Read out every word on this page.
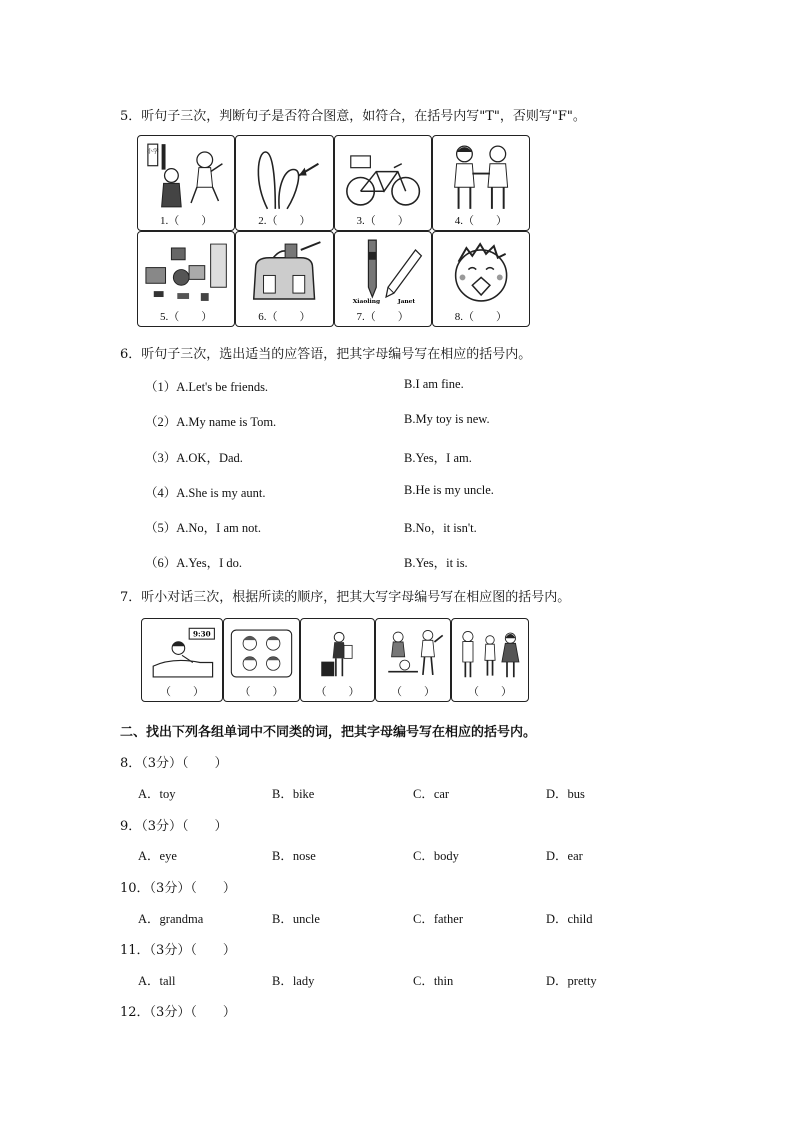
5．听句子三次，判断句子是否符合图意，如符合，在括号内写"T"，否则写"F"。
小学
1.（　　）	2.（　　）	3.（　　）	4.（　　）
5.（　　）	6.（　　）
Xiaoling	Janet
7.（　　）	8.（　　）
6．听句子三次，选出适当的应答语，把其字母编号写在相应的括号内。
（1）A.Let's be friends.	B.I am fine.
（2）A.My name is Tom.	B.My toy is new.
（3）A.OK，Dad.	B.Yes，I am.
（4）A.She is my aunt.	B.He is my uncle.
（5）A.No，I am not.	B.No，it isn't.
（6）A.Yes，I do.	B.Yes，it is.
7．听小对话三次，根据所读的顺序，把其大写字母编号写在相应图的括号内。
9:30
（　　）	（　　）	（　　）	（　　）	（　　）
二、找出下列各组单词中不同类的词，把其字母编号写在相应的括号内。
8．（3分）（　　）
A．toy	B．bike	C．car	D．bus
9．（3分）（　　）
A．eye	B．nose	C．body	D．ear
10．（3分）（　　）
A．grandma	B．uncle	C．father	D．child
11．（3分）（　　）
A．tall	B．lady	C．thin	D．pretty
12．（3分）（　　）
